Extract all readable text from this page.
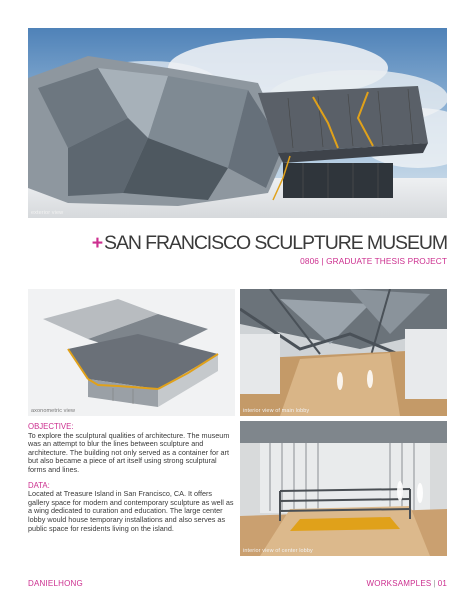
exterior view
+ SAN FRANCISCO SCULPTURE MUSEUM
0806 | GRADUATE THESIS PROJECT
axonometric view	interior view of main lobby
interior view of center lobby
OBJECTIVE:

To explore the sculptural qualities of architecture. The museum was an attempt to blur the lines between sculpture and architecture. The building not only served as a container for art but also became a piece of art itself using strong sculptural forms and lines.

DATA:

Located at Treasure Island in San Francisco, CA. It offers gallery space for modern and contemporary sculpture as well as a wing dedicated to curation and education. The large center lobby would house temporary installations and also serves as public space for residents living on the island.

DANIELHONG	WORKSAMPLES | 01
